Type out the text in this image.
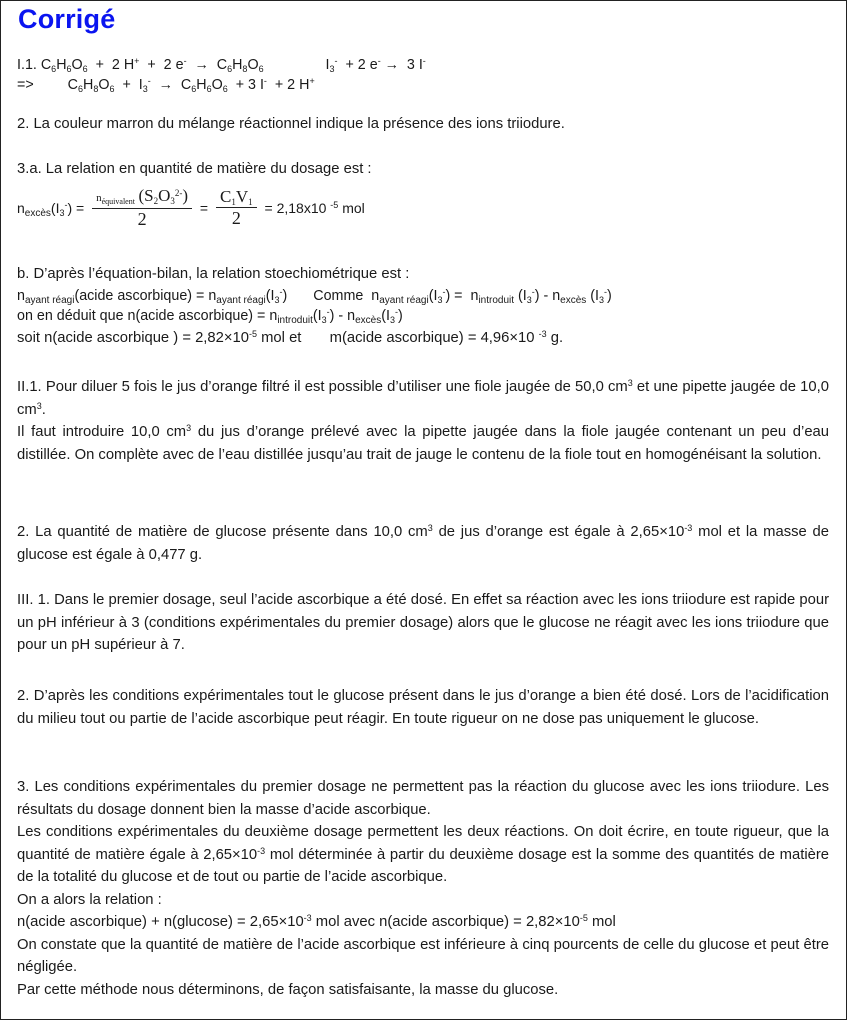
Corrigé
I.1. $C_6H_6O_6 + 2$ H+  +  2 $e^- \to C_6H_8O_6$	$I_3^- + 2$ e- →  3 I-
=>  $C_6H_8O_6 + I_3^- \to C_6H_6O_6 + 3$ I-  + 2 H+
2. La couleur marron du mélange réactionnel indique la présence des ions triiodure.
3.a. La relation en quantité de matière du dosage est :
$n_{excès}(I_3^-) = \frac{n_{équivalent} (S_2O_3^{2-})}{2} = \frac{C_1V_1}{2} = 2,18x10$ $^{-5}$ mol
b. D’après l’équation-bilan, la relation stoechiométrique est :
$n_{ayant réagi}(acide$ ascorbique) = $n_{ayant réagi}(I_3^-)$ Comme  $n_{ayant réagi}(I_3^-) = n_{introduit}$ $(I_3^-) - n_{excès}$ $(I_3^-)$
on en déduit que n(acide ascorbique) = $n_{introduit}(I_3^-) - n_{excès}(I_3^-)$
soit n(acide ascorbique ) = $2,82\times 10^{-5}$ mol et m(acide ascorbique) = 4,96×10 $^{-3}$ g.
II.1. Pour diluer 5 fois le jus d’orange filtré il est possible d’utiliser une fiole jaugée de 50,0 $cm^3$ et une pipette jaugée de 10,0 $cm^3$.
Il faut introduire 10,0 $cm^3$ du jus d’orange prélevé avec la pipette jaugée dans la fiole jaugée contenant un peu d’eau distillée. On complète avec de l’eau distillée jusqu’au trait de jauge le contenu de la fiole tout en homogénéisant la solution.
2. La quantité de matière de glucose présente dans 10,0 $cm^3$ de jus d’orange est égale à $2,65\times 10^{-3}$ mol et la masse de glucose est égale à 0,477 g.
III. 1. Dans le premier dosage, seul l’acide ascorbique a été dosé. En effet sa réaction avec les ions triiodure est rapide pour un pH inférieur à 3 (conditions expérimentales du premier dosage) alors que le glucose ne réagit avec les ions triiodure que pour un pH supérieur à 7.
2. D’après les conditions expérimentales tout le glucose présent dans le jus d’orange a bien été dosé. Lors de l’acidification du milieu tout ou partie de l’acide ascorbique peut réagir. En toute rigueur on ne dose pas uniquement le glucose.
3. Les conditions expérimentales du premier dosage ne permettent pas la réaction du glucose avec les ions triiodure. Les résultats du dosage donnent bien la masse d’acide ascorbique.
Les conditions expérimentales du deuxième dosage permettent les deux réactions. On doit écrire, en toute rigueur, que la quantité de matière égale à $2,65\times 10^{-3}$ mol déterminée à partir du deuxième dosage est la somme des quantités de matière de la totalité du glucose et de tout ou partie de l’acide ascorbique.
On a alors la relation :
n(acide ascorbique) + $n(glucose) = 2,65\times 10^{-3}$ mol avec n(acide ascorbique) = $2,82\times 10^{-5}$ mol
On constate que la quantité de matière de l’acide ascorbique est inférieure à cinq pourcents de celle du glucose et peut être négligée.
Par cette méthode nous déterminons, de façon satisfaisante, la masse du glucose.
